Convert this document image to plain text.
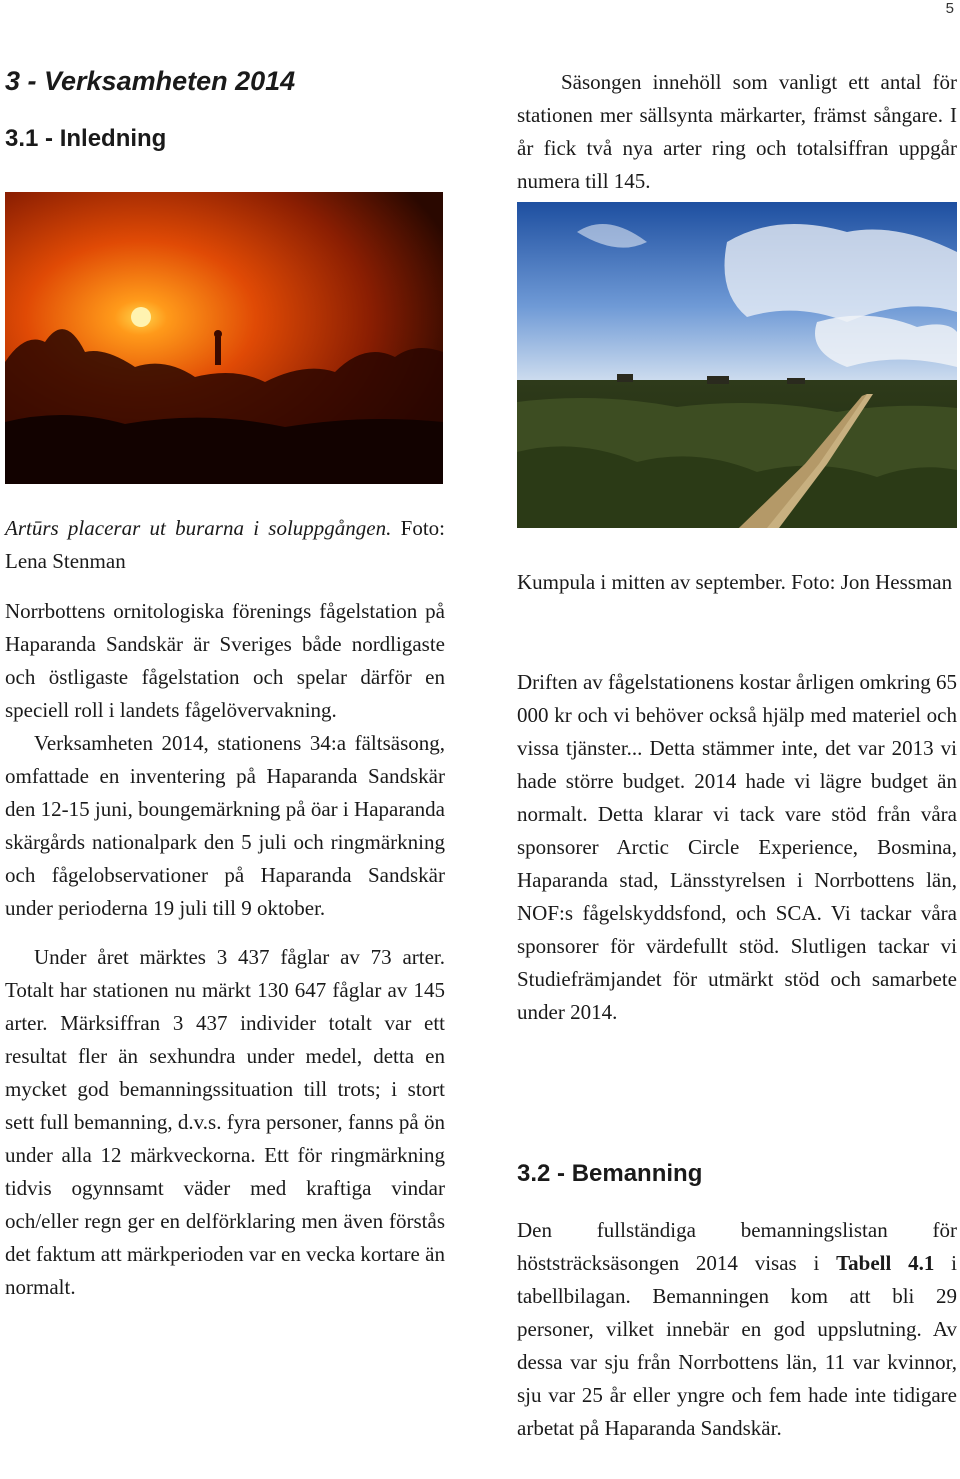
5
3 - Verksamheten 2014
3.1 - Inledning
Artūrs placerar ut burarna i soluppgången. Foto: Lena Stenman

Norrbottens ornitologiska förenings fågelstation på Haparanda Sandskär är Sveriges både nordligaste och östligaste fågelstation och spelar därför en speciell roll i landets fågelövervakning.

Verksamheten 2014, stationens 34:a fältsäsong, omfattade en inventering på Haparanda Sandskär den 12-15 juni, boungemärkning på öar i Haparanda skärgårds nationalpark den 5 juli och ringmärkning och fågelobservationer på Haparanda Sandskär under perioderna 19 juli till 9 oktober.

Under året märktes 3 437 fåglar av 73 arter. Totalt har stationen nu märkt 130 647 fåglar av 145 arter. Märksiffran 3 437 individer totalt var ett resultat fler än sexhundra under medel, detta en mycket god bemanningssituation till trots; i stort sett full bemanning, d.v.s. fyra personer, fanns på ön under alla 12 märkveckorna. Ett för ringmärkning tidvis ogynnsamt väder med kraftiga vindar och/eller regn ger en delförklaring men även förstås det faktum att märkperioden var en vecka kortare än normalt.

Säsongen innehöll som vanligt ett antal för stationen mer sällsynta märkarter, främst sångare. I år fick två nya arter ring och totalsiffran uppgår numera till 145.
Kumpula i mitten av september. Foto: Jon Hessman
Driften av fågelstationens kostar årligen omkring 65 000 kr och vi behöver också hjälp med materiel och vissa tjänster... Detta stämmer inte, det var 2013 vi hade större budget. 2014 hade vi lägre budget än normalt. Detta klarar vi tack vare stöd från våra sponsorer Arctic Circle Experience, Bosmina, Haparanda stad, Länsstyrelsen i Norrbottens län, NOF:s fågelskyddsfond, och SCA. Vi tackar våra sponsorer för värdefullt stöd. Slutligen tackar vi Studiefrämjandet för utmärkt stöd och samarbete under 2014.
3.2 - Bemanning
Den fullständiga bemanningslistan för höststräcksäsongen 2014 visas i Tabell 4.1 i tabellbilagan. Bemanningen kom att bli 29 personer, vilket innebär en god uppslutning. Av dessa var sju från Norrbottens län, 11 var kvinnor, sju var 25 år eller yngre och fem hade inte tidigare arbetat på Haparanda Sandskär.
